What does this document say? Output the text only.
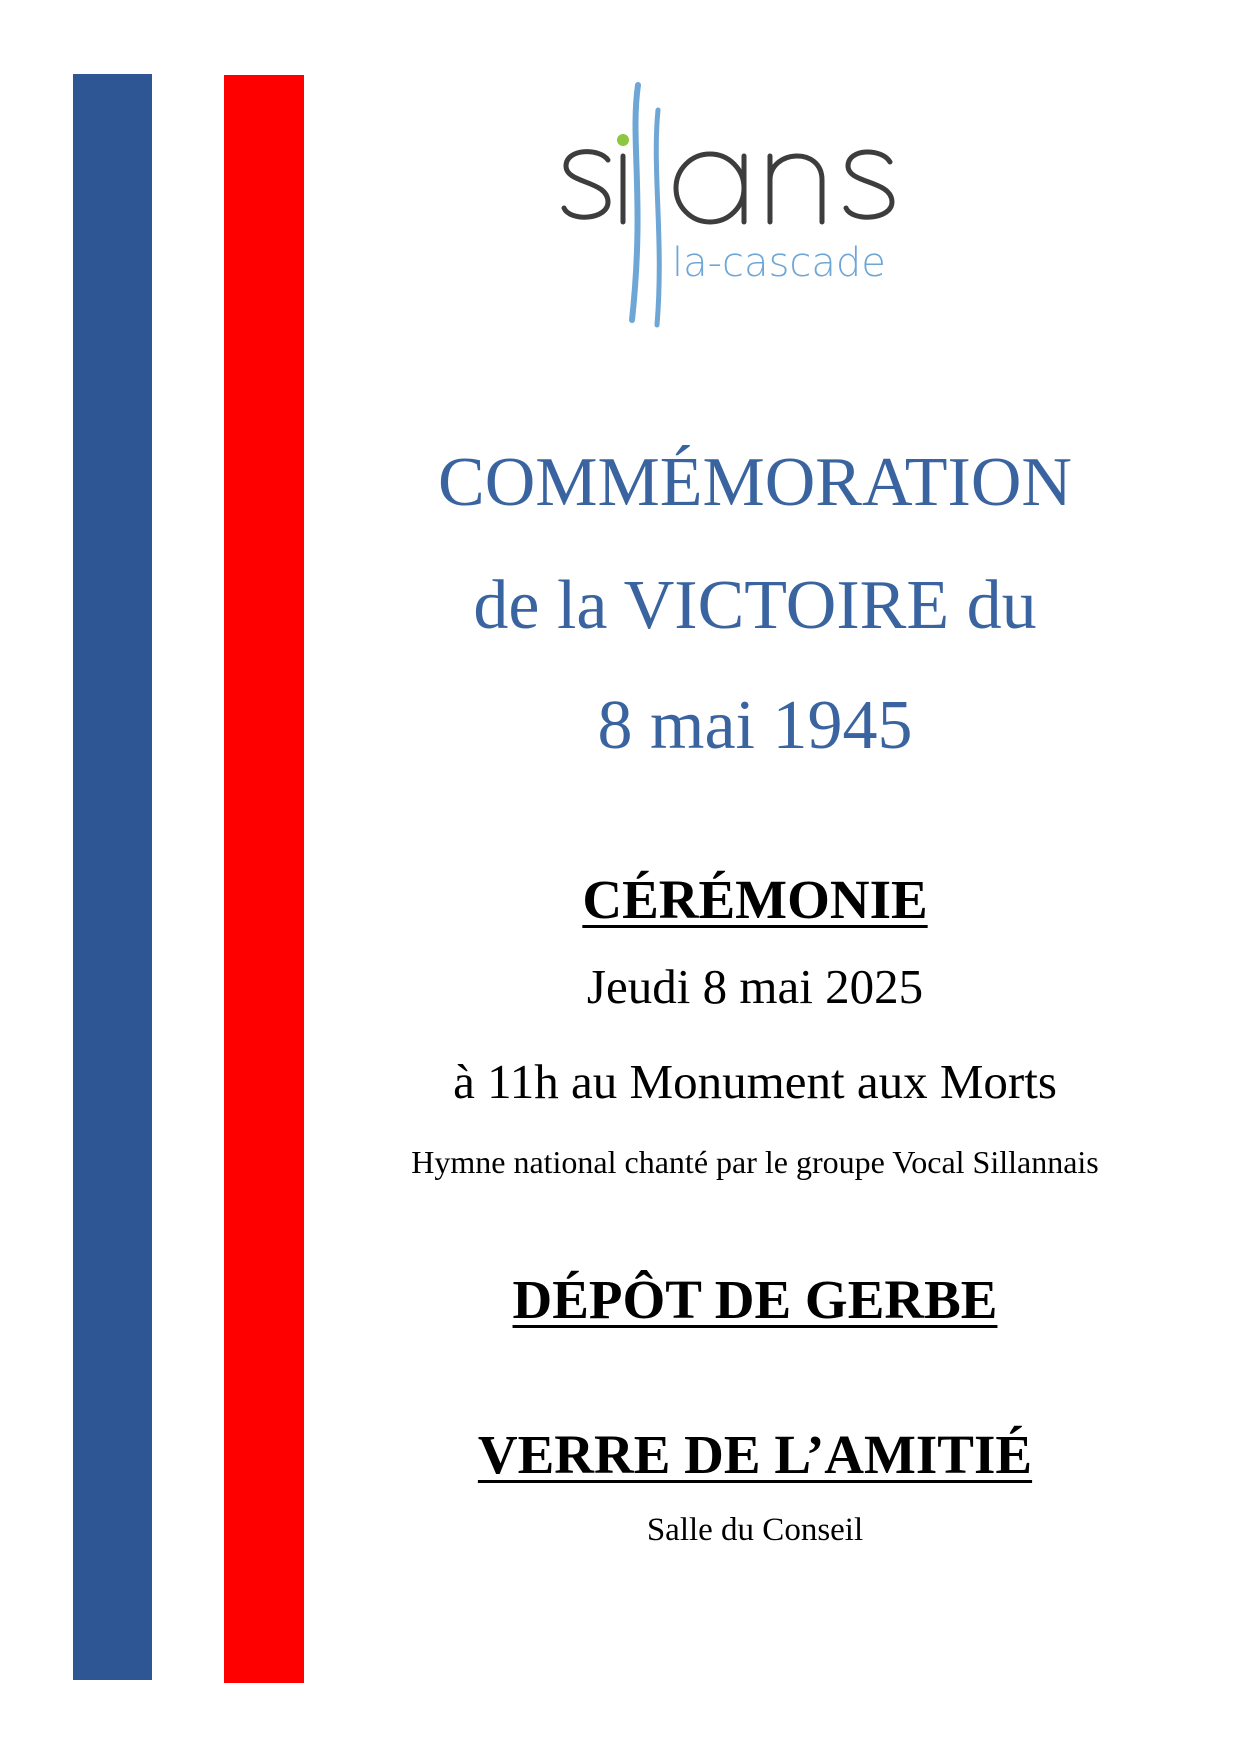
la-cascade
COMMÉMORATION
de la VICTOIRE du
8 mai 1945
CÉRÉMONIE
Jeudi 8 mai 2025
à 11h au Monument aux Morts
Hymne national chanté par le groupe Vocal Sillannais
DÉPÔT DE GERBE
VERRE DE L’AMITIÉ
Salle du Conseil
